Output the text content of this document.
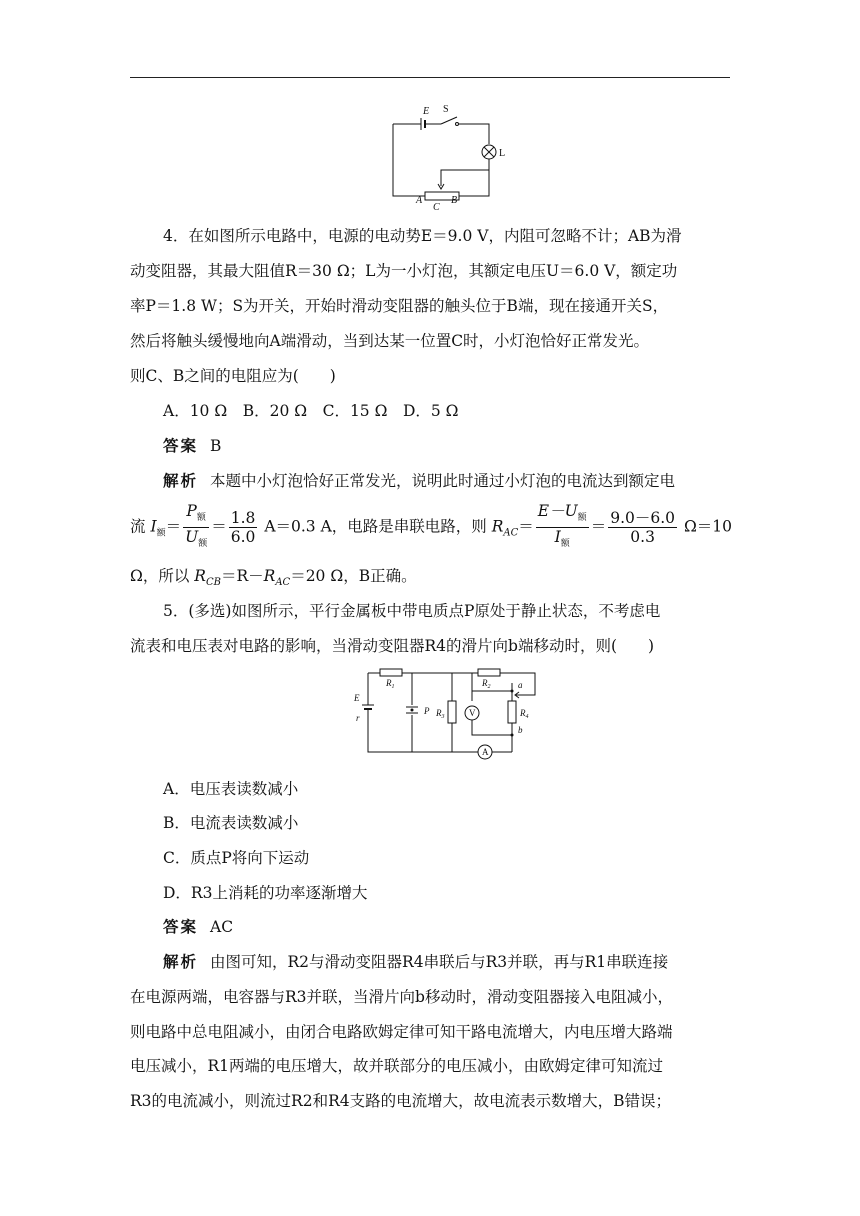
E S
L
A
C
B
4．在如图所示电路中，电源的电动势E＝9.0 V，内阻可忽略不计；AB为滑
动变阻器，其最大阻值R＝30 Ω；L为一小灯泡，其额定电压U＝6.0 V，额定功
率P＝1.8 W；S为开关，开始时滑动变阻器的触头位于B端，现在接通开关S，
然后将触头缓慢地向A端滑动，当到达某一位置C时，小灯泡恰好正常发光。
则C、B之间的电阻应为(　　)
A．10 Ω　B．20 Ω　C．15 Ω　D．5 Ω
答案 B
解析 本题中小灯泡恰好正常发光，说明此时通过小灯泡的电流达到额定电
流 $I_额= \frac{P_额}{U_额} = \frac{1.8}{6.0} A=0.3$ A，电路是串联电路，则 $R_{AC}= \frac{E-U_额}{I_额} = \frac{9.0-6.0}{0.3} \Omega=10$
Ω，所以 $R_{CB}=R-R_{AC}=20$ Ω，B正确。
5．(多选)如图所示，平行金属板中带电质点P原处于静止状态，不考虑电
流表和电压表对电路的影响，当滑动变阻器R4的滑片向b端移动时，则(　　)
$R_1$	$R_2$
$R_3$	$R_4$
E
r
P	V
A
a
b
A．电压表读数减小
B．电流表读数减小
C．质点P将向下运动
D．R3上消耗的功率逐渐增大
答案 AC
解析 由图可知，R2与滑动变阻器R4串联后与R3并联，再与R1串联连接
在电源两端，电容器与R3并联，当滑片向b移动时，滑动变阻器接入电阻减小，
则电路中总电阻减小，由闭合电路欧姆定律可知干路电流增大，内电压增大路端
电压减小，R1两端的电压增大，故并联部分的电压减小，由欧姆定律可知流过
R3的电流减小，则流过R2和R4支路的电流增大，故电流表示数增大，B错误；
